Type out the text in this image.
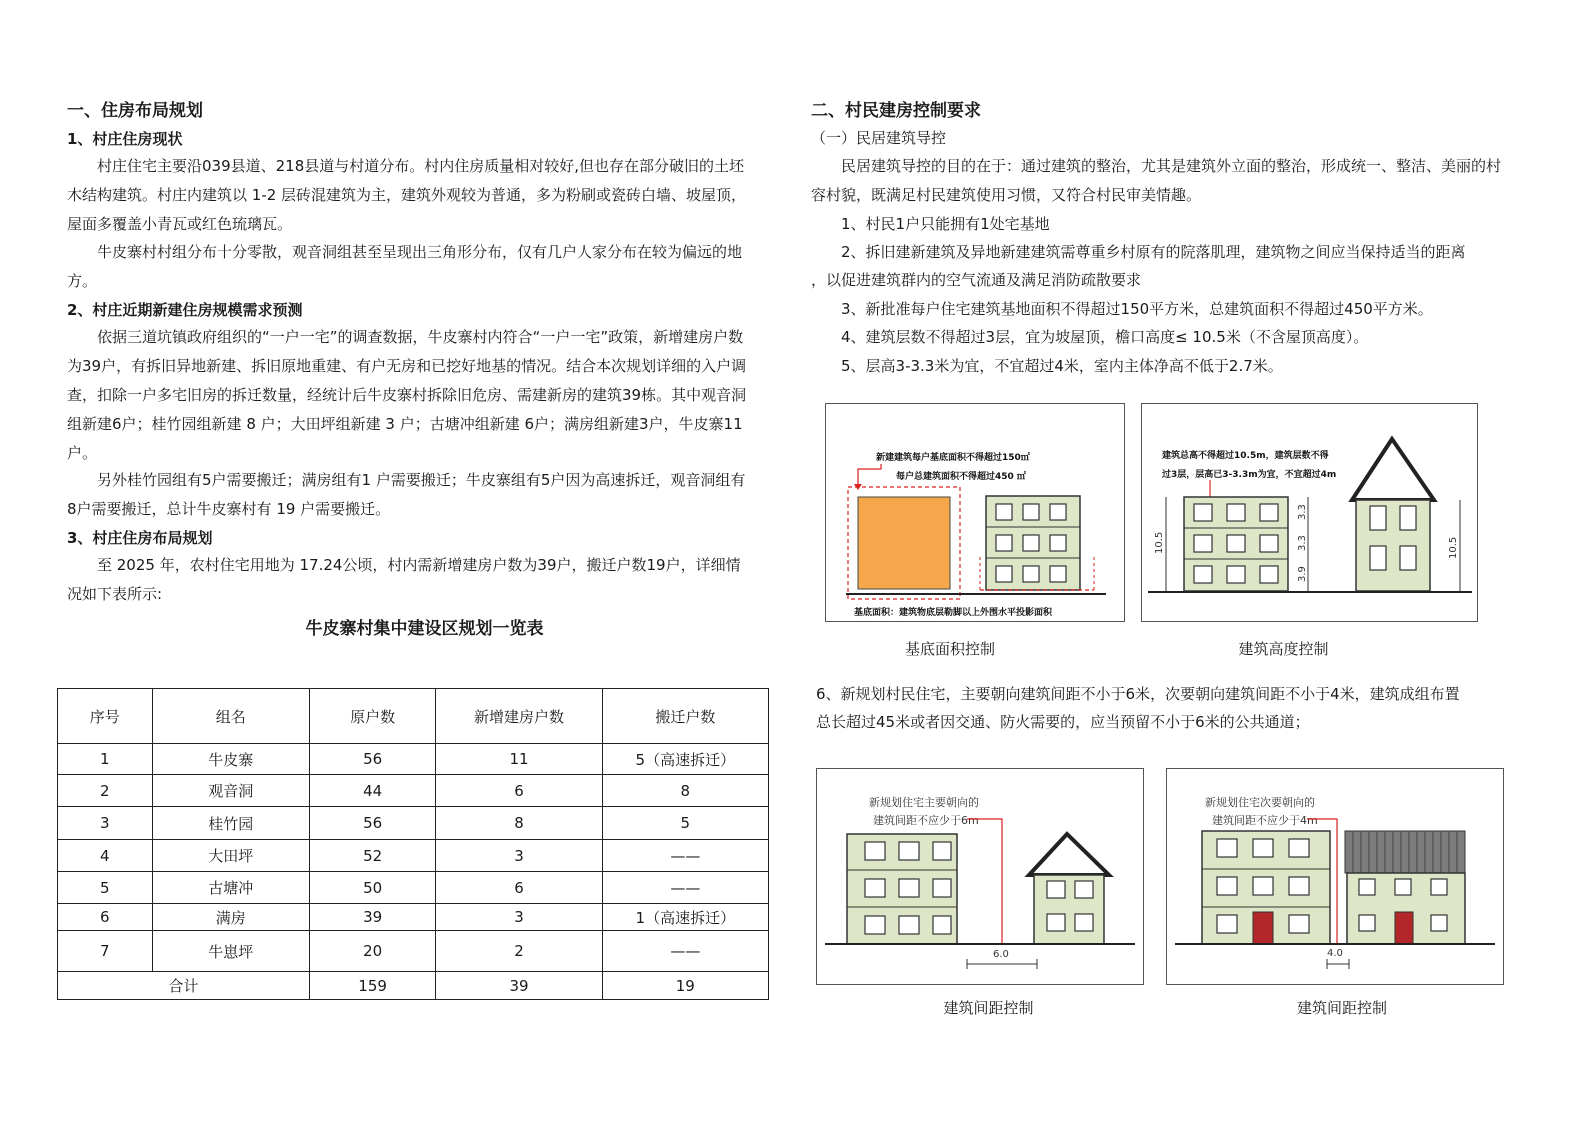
一、住房布局规划
1、村庄住房现状
村庄住宅主要沿039县道、218县道与村道分布。村内住房质量相对较好,但也存在部分破旧的土坯木结构建筑。村庄内建筑以 1-2 层砖混建筑为主，建筑外观较为普通，多为粉刷或瓷砖白墙、坡屋顶，屋面多覆盖小青瓦或红色琉璃瓦。
牛皮寨村村组分布十分零散，观音洞组甚至呈现出三角形分布，仅有几户人家分布在较为偏远的地方。
2、村庄近期新建住房规模需求预测
依据三道坑镇政府组织的“一户一宅”的调查数据，牛皮寨村内符合“一户一宅”政策，新增建房户数为39户，有拆旧异地新建、拆旧原地重建、有户无房和已挖好地基的情况。结合本次规划详细的入户调查，扣除一户多宅旧房的拆迁数量，经统计后牛皮寨村拆除旧危房、需建新房的建筑39栋。其中观音洞组新建6户；桂竹园组新建 8 户；大田坪组新建 3 户；古塘冲组新建 6户；满房组新建3户，牛皮寨11户。
另外桂竹园组有5户需要搬迁；满房组有1 户需要搬迁；牛皮寨组有5户因为高速拆迁，观音洞组有8户需要搬迁，总计牛皮寨村有 19 户需要搬迁。
3、村庄住房布局规划
至 2025 年，农村住宅用地为 17.24公顷，村内需新增建房户数为39户，搬迁户数19户，详细情况如下表所示:
牛皮寨村集中建设区规划一览表
序号	组名	原户数	新增建房户数	搬迁户数
1	牛皮寨	56	11	5（高速拆迁）
2	观音洞	44	6	8
3	桂竹园	56	8	5
4	大田坪	52	3	——
5	古塘冲	50	6	——
6	满房	39	3	1（高速拆迁）
7	牛崽坪	20	2	——
合计		159	39	19
二、村民建房控制要求
（一）民居建筑导控
民居建筑导控的目的在于：通过建筑的整治，尤其是建筑外立面的整治，形成统一、整洁、美丽的村容村貌，既满足村民建筑使用习惯，又符合村民审美情趣。
1、村民1户只能拥有1处宅基地
2、拆旧建新建筑及异地新建建筑需尊重乡村原有的院落肌理，建筑物之间应当保持适当的距离
，以促进建筑群内的空气流通及满足消防疏散要求
3、新批准每户住宅建筑基地面积不得超过150平方米，总建筑面积不得超过450平方米。
4、建筑层数不得超过3层，宜为坡屋顶，檐口高度≤ 10.5米（不含屋顶高度）。
5、层高3-3.3米为宜，不宜超过4米，室内主体净高不低于2.7米。
新建建筑每户基底面积不得超过150㎡
每户总建筑面积不得超过450 ㎡
基底面积：建筑物底层勒脚以上外围水平投影面积
基底面积控制
建筑总高不得超过10.5m，建筑层数不得
过3层，层高已3-3.3m为宜，不宜超过4m
10.5
3.3
3.3
3.9
10.5
建筑高度控制
6、新规划村民住宅，主要朝向建筑间距不小于6米，次要朝向建筑间距不小于4米，建筑成组布置
总长超过45米或者因交通、防火需要的，应当预留不小于6米的公共通道；
新规划住宅主要朝向的
建筑间距不应少于6m
6.0
建筑间距控制
新规划住宅次要朝向的
建筑间距不应少于4m
4.0
建筑间距控制
